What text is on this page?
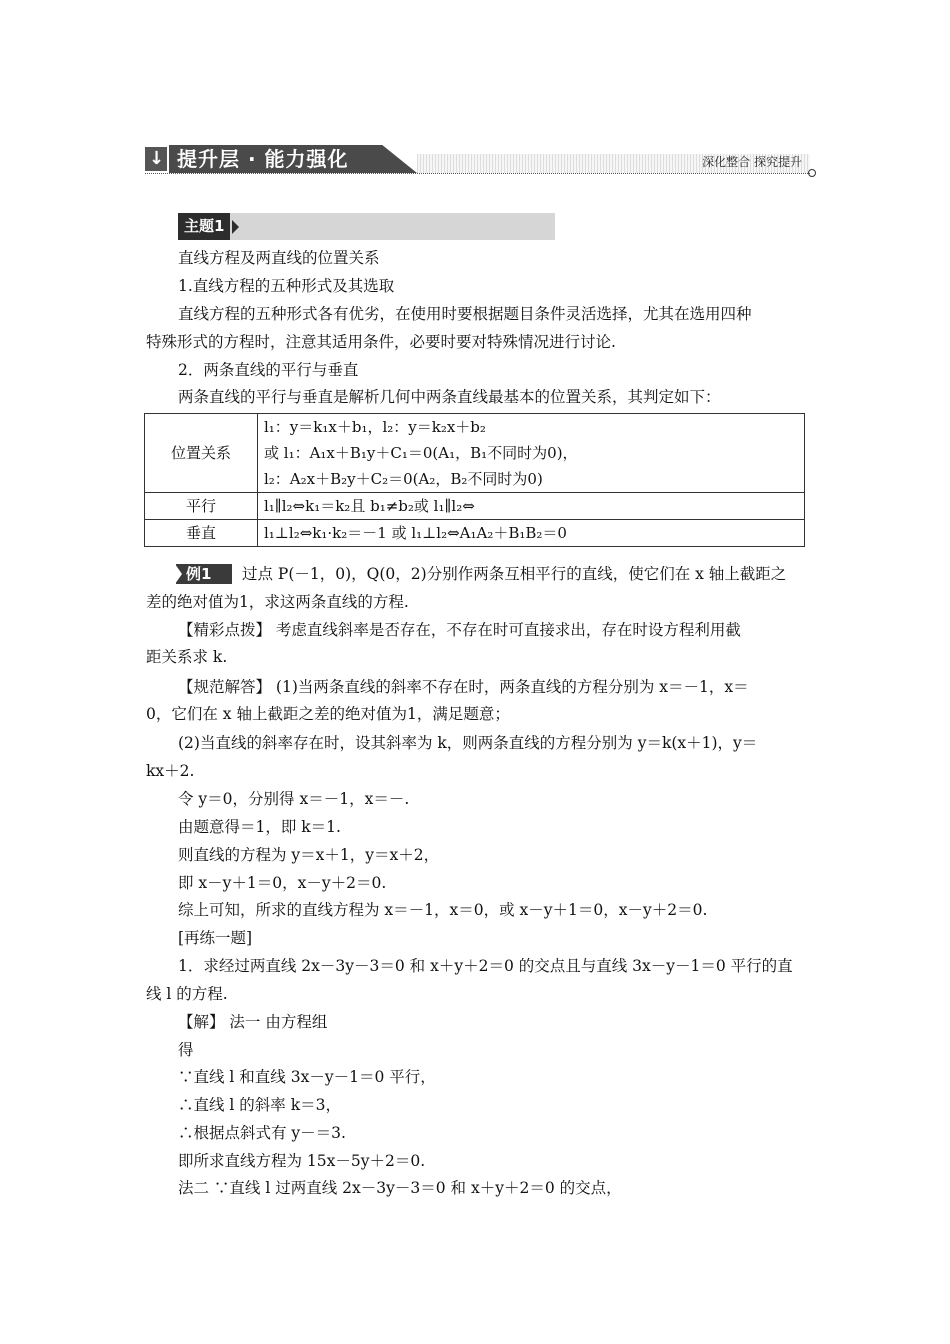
↓
提升层 · 能力强化	深化整合 探究提升
主题1
直线方程及两直线的位置关系
1.直线方程的五种形式及其选取
直线方程的五种形式各有优劣，在使用时要根据题目条件灵活选择，尤其在选用四种
特殊形式的方程时，注意其适用条件，必要时要对特殊情况进行讨论.
2．两条直线的平行与垂直
两条直线的平行与垂直是解析几何中两条直线最基本的位置关系，其判定如下：
位置关系	l₁：y＝k₁x＋b₁，l₂：y＝k₂x＋b₂
或 l₁：A₁x＋B₁y＋C₁＝0(A₁，B₁不同时为0)，
l₂：A₂x＋B₂y＋C₂＝0(A₂，B₂不同时为0)

平行	l₁∥l₂⇔k₁＝k₂且 b₁≠b₂或 l₁∥l₂⇔
垂直	l₁⊥l₂⇔k₁·k₂＝－1 或 l₁⊥l₂⇔A₁A₂＋B₁B₂＝0
例1 过点 P(－1，0)，Q(0，2)分别作两条互相平行的直线，使它们在 x 轴上截距之
差的绝对值为1，求这两条直线的方程.
【精彩点拨】 考虑直线斜率是否存在，不存在时可直接求出，存在时设方程利用截
距关系求 k.
【规范解答】 (1)当两条直线的斜率不存在时，两条直线的方程分别为 x＝－1，x＝
0，它们在 x 轴上截距之差的绝对值为1，满足题意；
(2)当直线的斜率存在时，设其斜率为 k，则两条直线的方程分别为 y＝k(x＋1)，y＝
kx＋2.
令 y＝0，分别得 x＝－1，x＝－.
由题意得＝1，即 k＝1.
则直线的方程为 y＝x＋1，y＝x＋2，
即 x－y＋1＝0，x－y＋2＝0.
综上可知，所求的直线方程为 x＝－1，x＝0，或 x－y＋1＝0，x－y＋2＝0.
[再练一题]
1．求经过两直线 2x－3y－3＝0 和 x＋y＋2＝0 的交点且与直线 3x－y－1＝0 平行的直
线 l 的方程.
【解】 法一 由方程组
得
∵直线 l 和直线 3x－y－1＝0 平行，
∴直线 l 的斜率 k＝3，
∴根据点斜式有 y－＝3.
即所求直线方程为 15x－5y＋2＝0.
法二 ∵直线 l 过两直线 2x－3y－3＝0 和 x＋y＋2＝0 的交点，
